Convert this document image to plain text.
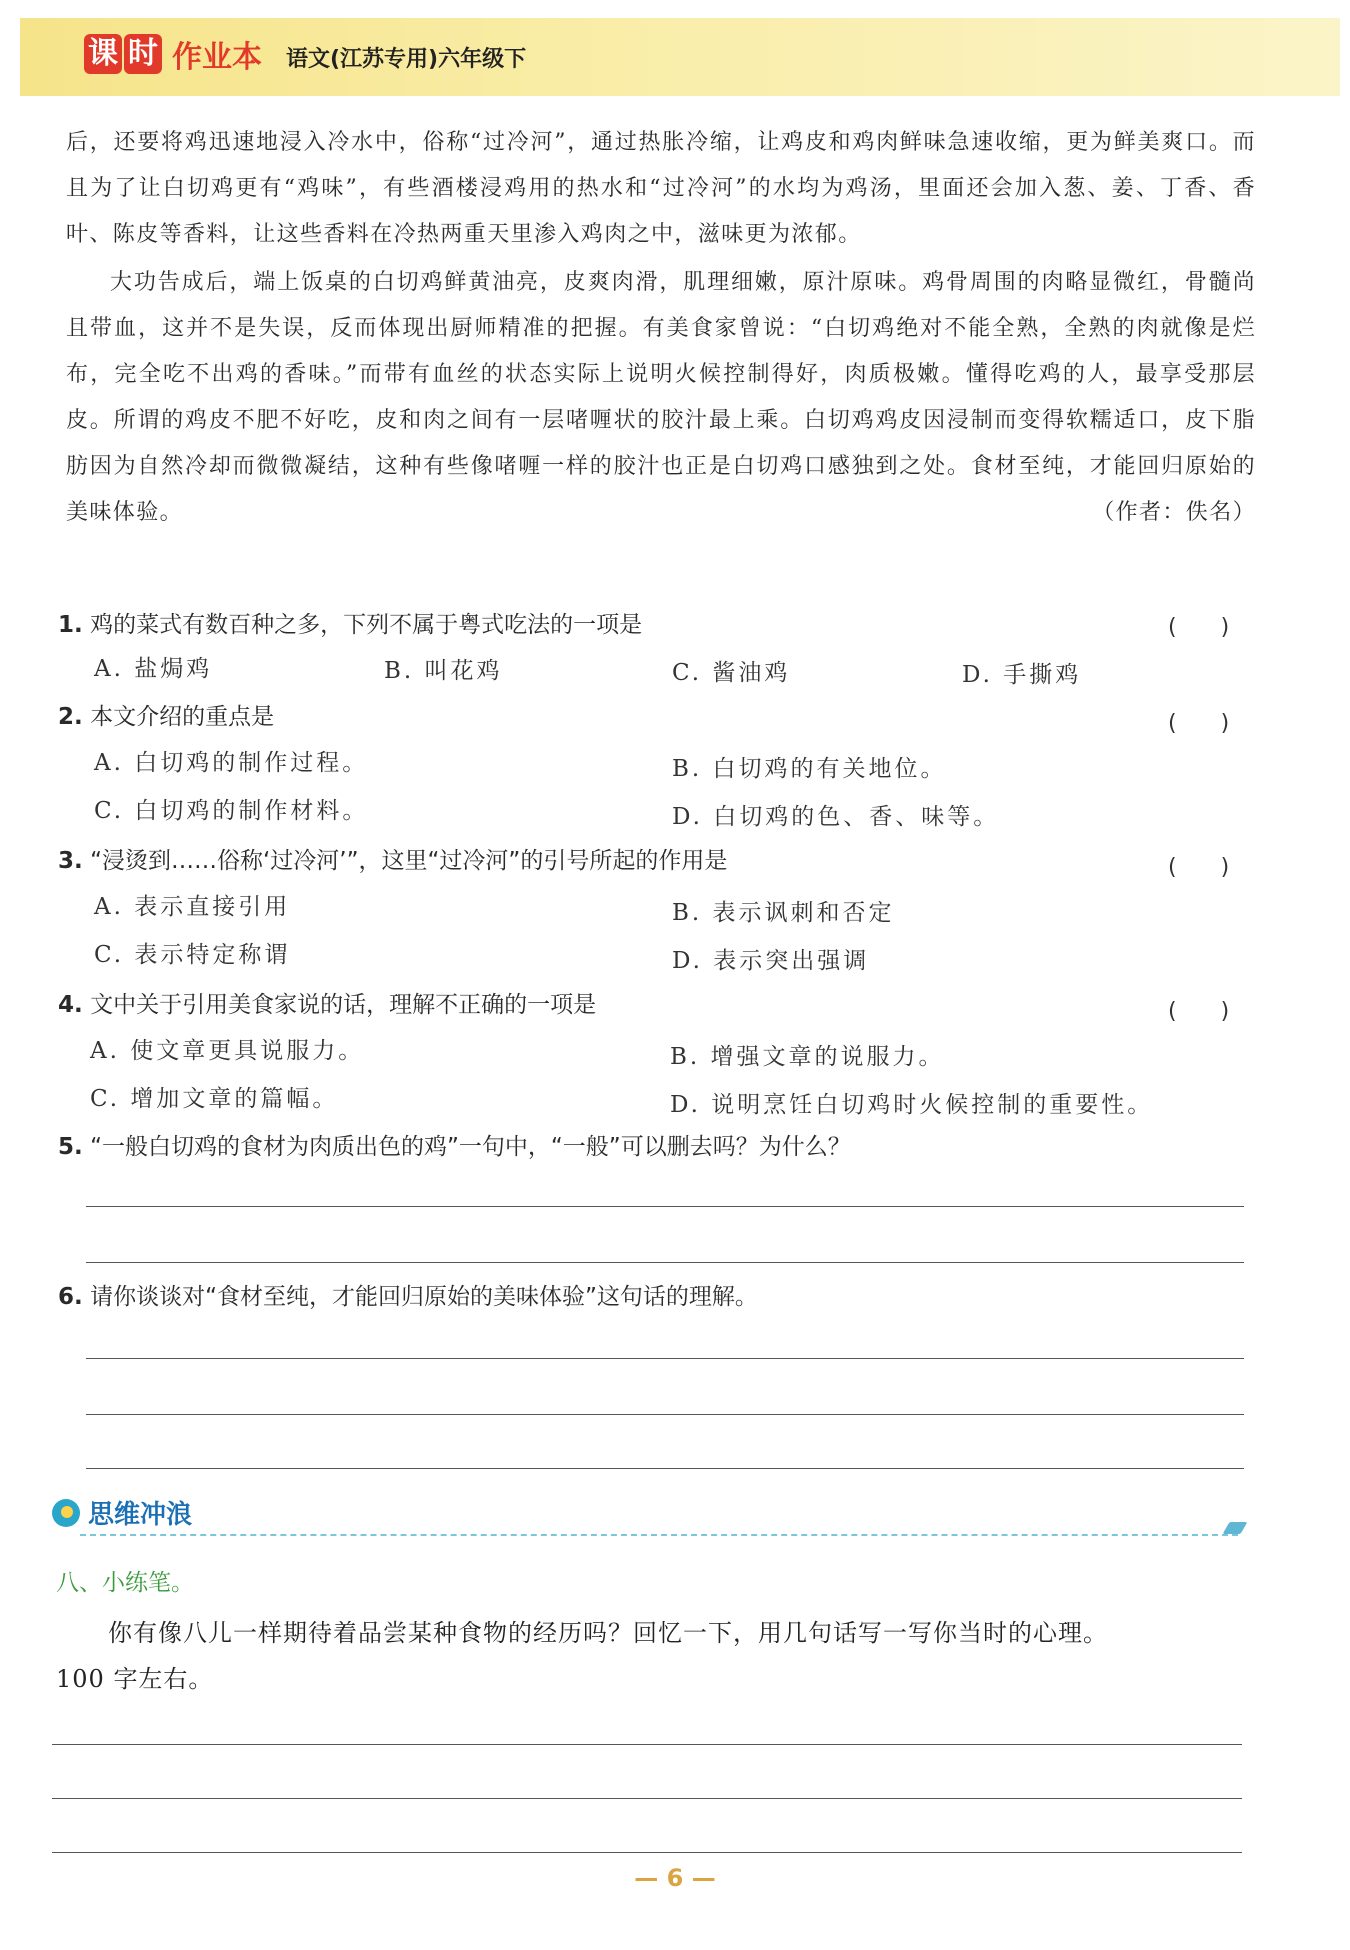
课 时 作业本 语文(江苏专用)六年级下

后，还要将鸡迅速地浸入冷水中，俗称“过冷河”，通过热胀冷缩，让鸡皮和鸡肉鲜味急速收缩，更为鲜美爽口。而且为了让白切鸡更有“鸡味”，有些酒楼浸鸡用的热水和“过冷河”的水均为鸡汤，里面还会加入葱、姜、丁香、香叶、陈皮等香料，让这些香料在冷热两重天里渗入鸡肉之中，滋味更为浓郁。

大功告成后，端上饭桌的白切鸡鲜黄油亮，皮爽肉滑，肌理细嫩，原汁原味。鸡骨周围的肉略显微红，骨髓尚且带血，这并不是失误，反而体现出厨师精准的把握。有美食家曾说：“白切鸡绝对不能全熟，全熟的肉就像是烂布，完全吃不出鸡的香味。”而带有血丝的状态实际上说明火候控制得好，肉质极嫩。懂得吃鸡的人，最享受那层皮。所谓的鸡皮不肥不好吃，皮和肉之间有一层啫喱状的胶汁最上乘。白切鸡鸡皮因浸制而变得软糯适口，皮下脂肪因为自然冷却而微微凝结，这种有些像啫喱一样的胶汁也正是白切鸡口感独到之处。食材至纯，才能回归原始的美味体验。	（作者：佚名）

1. 鸡的菜式有数百种之多，下列不属于粤式吃法的一项是	(　　)
A. 盐焗鸡	B. 叫花鸡	C. 酱油鸡	D. 手撕鸡
2. 本文介绍的重点是	(　　)
A. 白切鸡的制作过程。	B. 白切鸡的有关地位。
C. 白切鸡的制作材料。	D. 白切鸡的色、香、味等。
3. “浸烫到……俗称‘过冷河’”，这里“过冷河”的引号所起的作用是	(　　)
A. 表示直接引用	B. 表示讽刺和否定
C. 表示特定称谓	D. 表示突出强调
4. 文中关于引用美食家说的话，理解不正确的一项是	(　　)
A. 使文章更具说服力。	B. 增强文章的说服力。
C. 增加文章的篇幅。	D. 说明烹饪白切鸡时火候控制的重要性。
5. “一般白切鸡的食材为肉质出色的鸡”一句中，“一般”可以删去吗？为什么？
6. 请你谈谈对“食材至纯，才能回归原始的美味体验”这句话的理解。
思维冲浪
八、小练笔。
你有像八儿一样期待着品尝某种食物的经历吗？回忆一下，用几句话写一写你当时的心理。
100 字左右。
— 6 —
